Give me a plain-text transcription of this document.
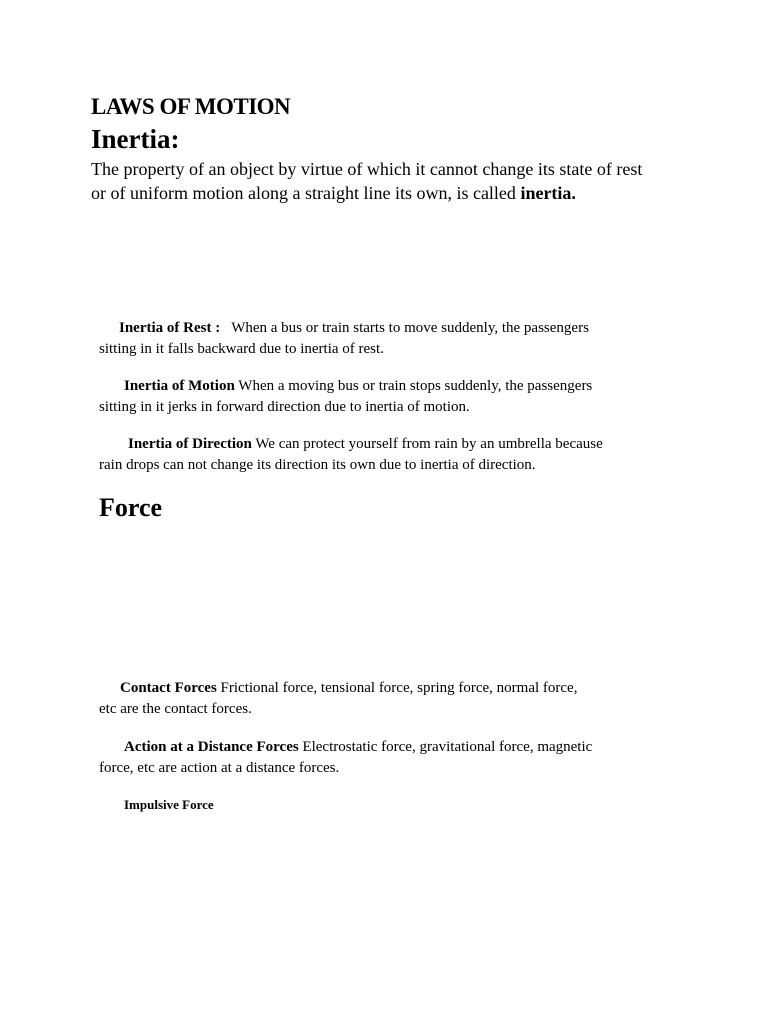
LAWS OF MOTION
Inertia:
The property of an object by virtue of which it cannot change its state of rest
or of uniform motion along a straight line its own, is called inertia.
Inertia of Rest :   When a bus or train starts to move suddenly, the passengers
sitting in it falls backward due to inertia of rest.
Inertia of Motion When a moving bus or train stops suddenly, the passengers
sitting in it jerks in forward direction due to inertia of motion.
Inertia of Direction We can protect yourself from rain by an umbrella because
rain drops can not change its direction its own due to inertia of direction.
Force
Contact Forces Frictional force, tensional force, spring force, normal force,
etc are the contact forces.
Action at a Distance Forces Electrostatic force, gravitational force, magnetic
force, etc are action at a distance forces.
Impulsive Force
